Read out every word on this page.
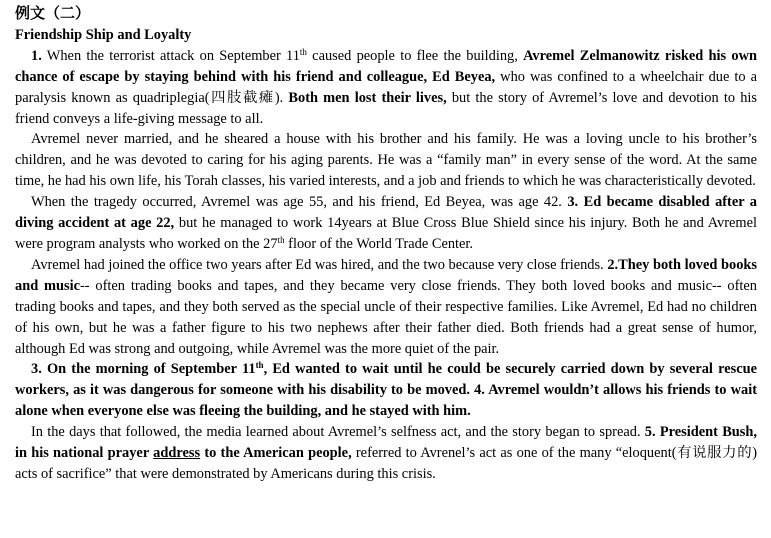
例文（二）
Friendship Ship and Loyalty

1. When the terrorist attack on September 11th caused people to flee the building, Avremel Zelmanowitz risked his own chance of escape by staying behind with his friend and colleague, Ed Beyea, who was confined to a wheelchair due to a paralysis known as quadriplegia(四肢截瘫). Both men lost their lives, but the story of Avremel’s love and devotion to his friend conveys a life-giving message to all.

Avremel never married, and he sheared a house with his brother and his family. He was a loving uncle to his brother’s children, and he was devoted to caring for his aging parents. He was a “family man” in every sense of the word. At the same time, he had his own life, his Torah classes, his varied interests, and a job and friends to which he was characteristically devoted.

When the tragedy occurred, Avremel was age 55, and his friend, Ed Beyea, was age 42. 3. Ed became disabled after a diving accident at age 22, but he managed to work 14years at Blue Cross Blue Shield since his injury. Both he and Avremel were program analysts who worked on the 27th floor of the World Trade Center.

Avremel had joined the office two years after Ed was hired, and the two because very close friends. 2.They both loved books and music-- often trading books and tapes, and they became very close friends. They both loved books and music-- often trading books and tapes, and they both served as the special uncle of their respective families. Like Avremel, Ed had no children of his own, but he was a father figure to his two nephews after their father died. Both friends had a great sense of humor, although Ed was strong and outgoing, while Avremel was the more quiet of the pair.

3. On the morning of September 11th, Ed wanted to wait until he could be securely carried down by several rescue workers, as it was dangerous for someone with his disability to be moved. 4. Avremel wouldn’t allows his friends to wait alone when everyone else was fleeing the building, and he stayed with him.

In the days that followed, the media learned about Avremel’s selfness act, and the story began to spread. 5. President Bush, in his national prayer address to the American people, referred to Avrenel’s act as one of the many “eloquent(有说服力的) acts of sacrifice” that were demonstrated by Americans during this crisis.
